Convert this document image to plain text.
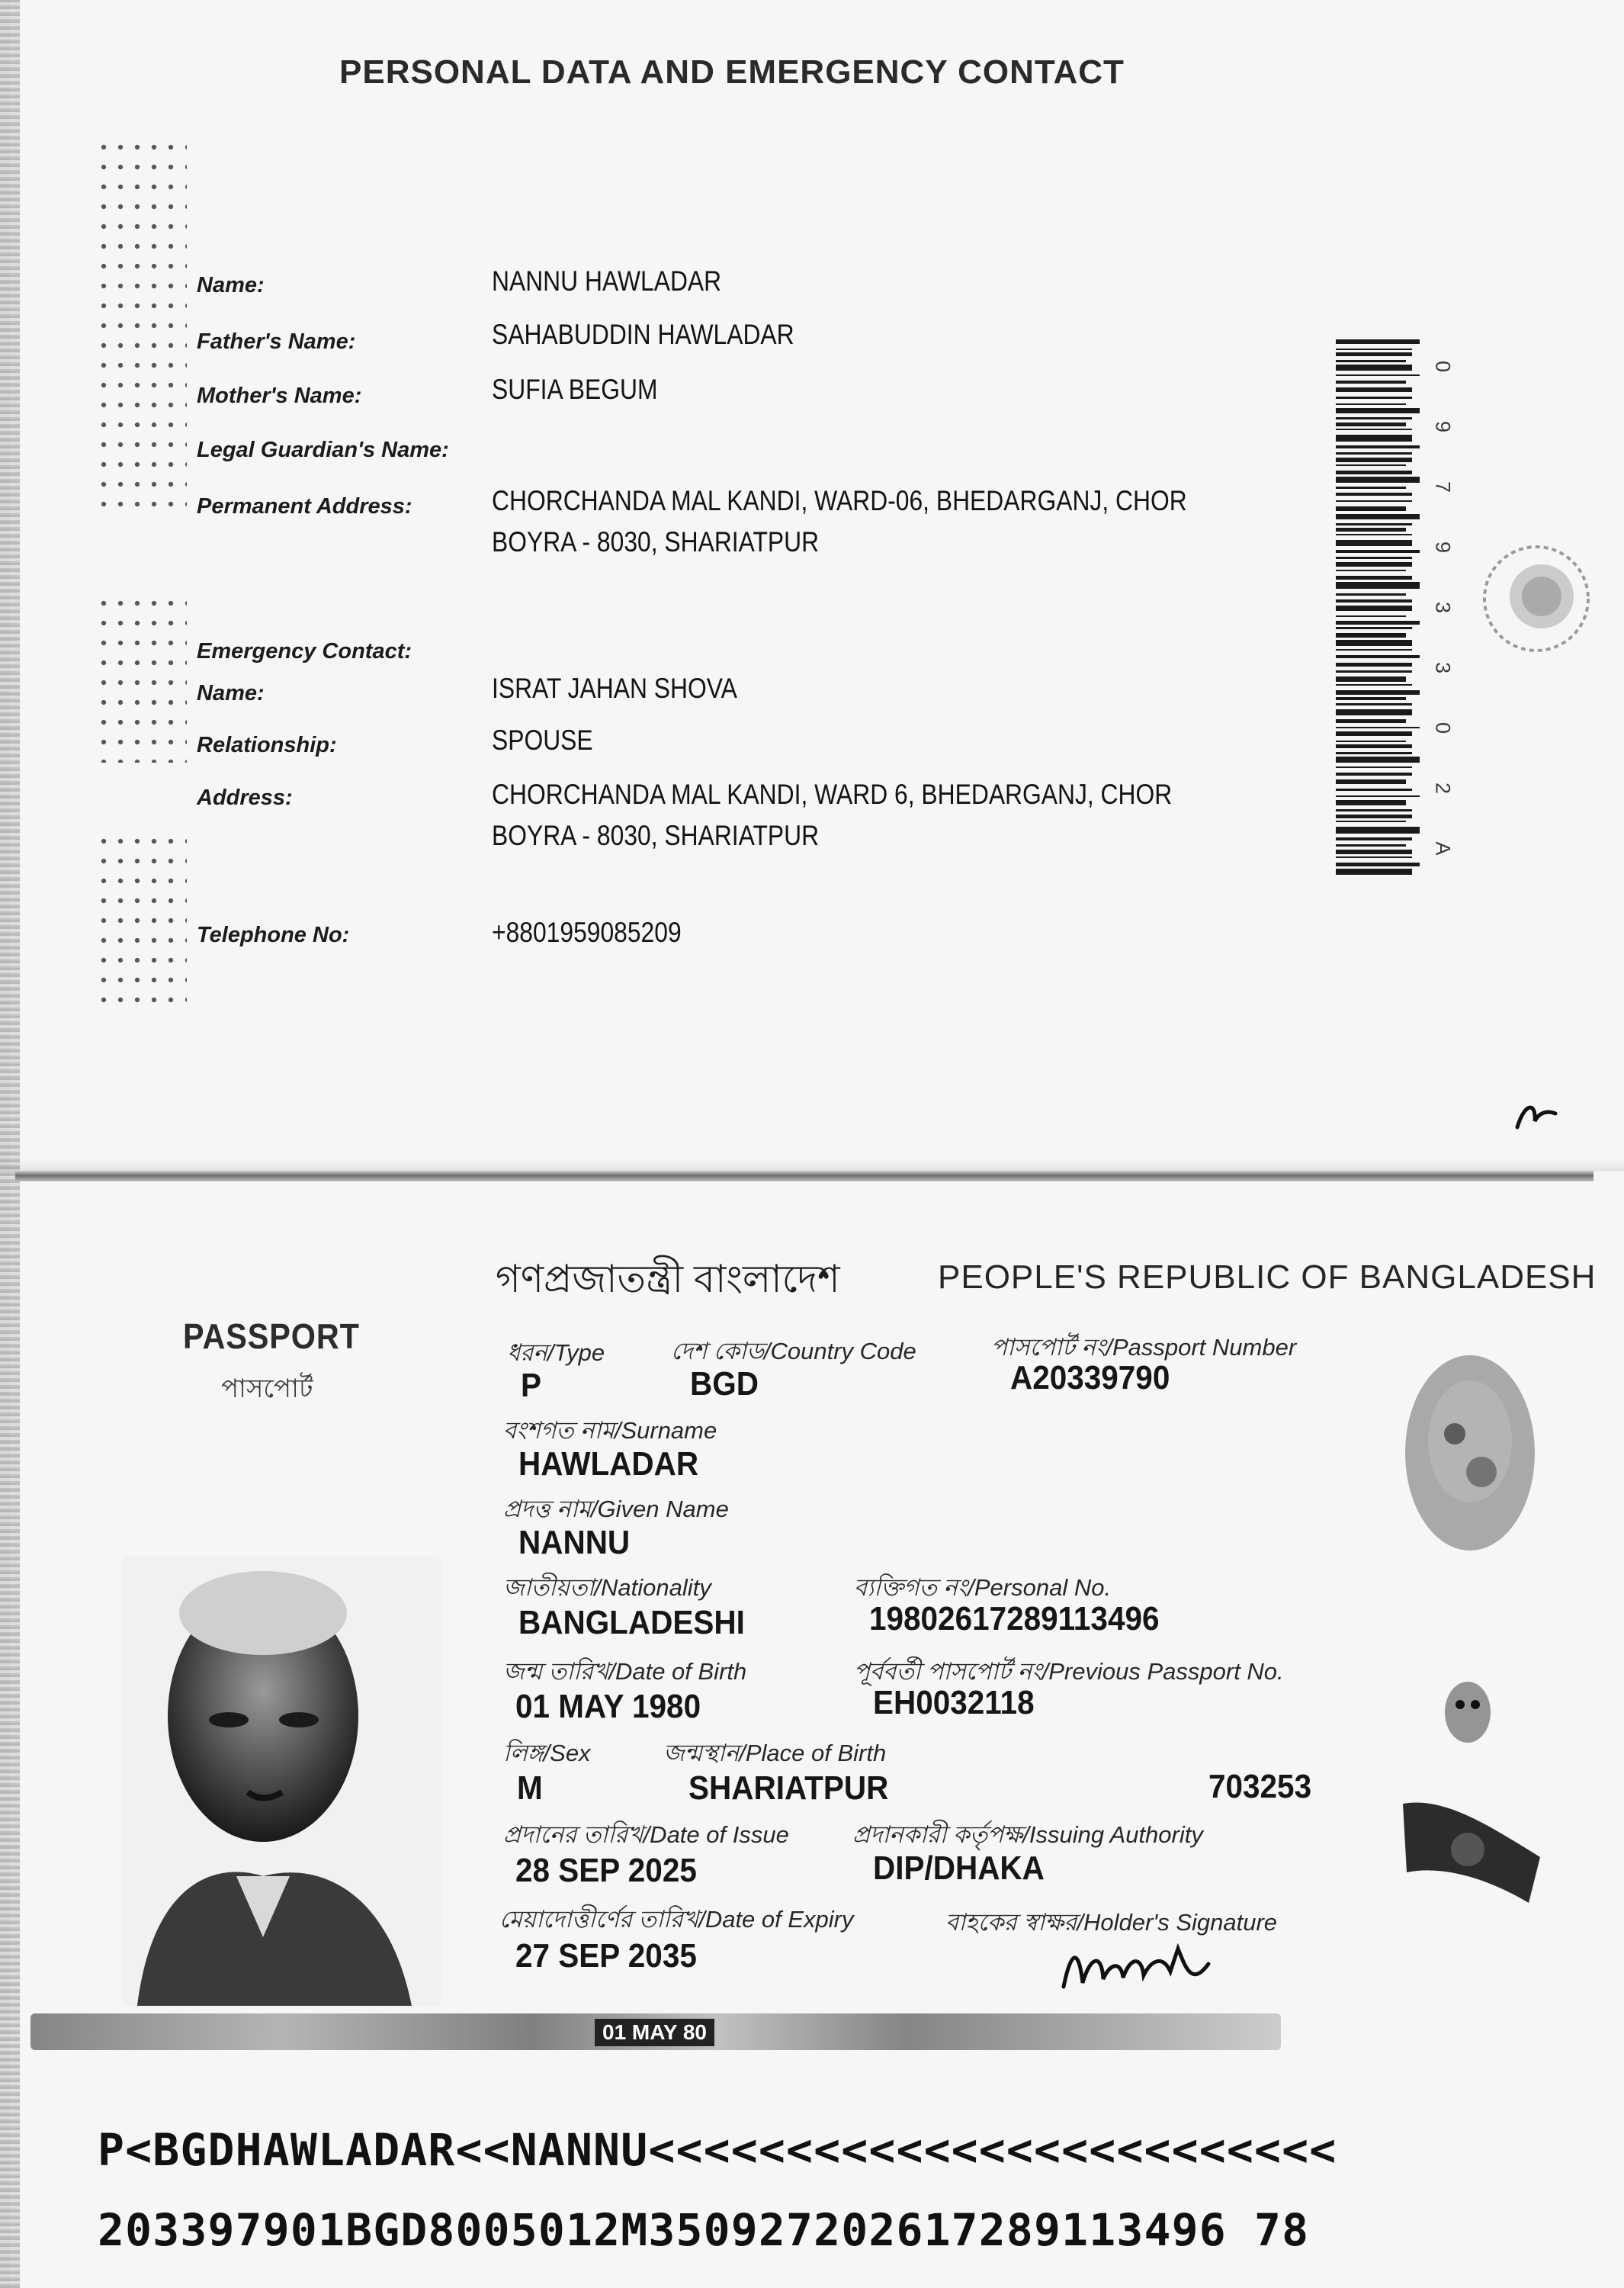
PERSONAL DATA AND EMERGENCY CONTACT
Name:	NANNU HAWLADAR
Father's Name:	SAHABUDDIN HAWLADAR
Mother's Name:	SUFIA BEGUM
Legal Guardian's Name:
Permanent Address:	CHORCHANDA MAL KANDI, WARD-06, BHEDARGANJ, CHOR
BOYRA - 8030, SHARIATPUR
Emergency Contact:
Name:	ISRAT JAHAN SHOVA
Relationship:	SPOUSE
Address:	CHORCHANDA MAL KANDI, WARD 6, BHEDARGANJ, CHOR
BOYRA - 8030, SHARIATPUR
Telephone No:	+8801959085209
0
9
7
9
3
3
0
2
A
গণপ্রজাতন্ত্রী বাংলাদেশ	PEOPLE'S REPUBLIC OF BANGLADESH
PASSPORT
পাসপোর্ট
ধরন/Type
P
দেশ কোড/Country Code
BGD
পাসপোর্ট নং/Passport Number
A20339790
বংশগত নাম/Surname
HAWLADAR
প্রদত্ত নাম/Given Name
NANNU
জাতীয়তা/Nationality
BANGLADESHI
ব্যক্তিগত নং/Personal No.
19802617289113496
জন্ম তারিখ/Date of Birth
01 MAY 1980
পূর্ববর্তী পাসপোর্ট নং/Previous Passport No.
EH0032118
লিঙ্গ/Sex
M
জন্মস্থান/Place of Birth
SHARIATPUR	703253
প্রদানের তারিখ/Date of Issue
28 SEP 2025
প্রদানকারী কর্তৃপক্ষ/Issuing Authority
DIP/DHAKA
মেয়াদোত্তীর্ণের তারিখ/Date of Expiry
27 SEP 2035
বাহকের স্বাক্ষর/Holder's Signature
01 MAY 80
P<BGDHAWLADAR<<NANNU<<<<<<<<<<<<<<<<<<<<<<<<<
203397901BGD8005012M350927202617289113496 78
